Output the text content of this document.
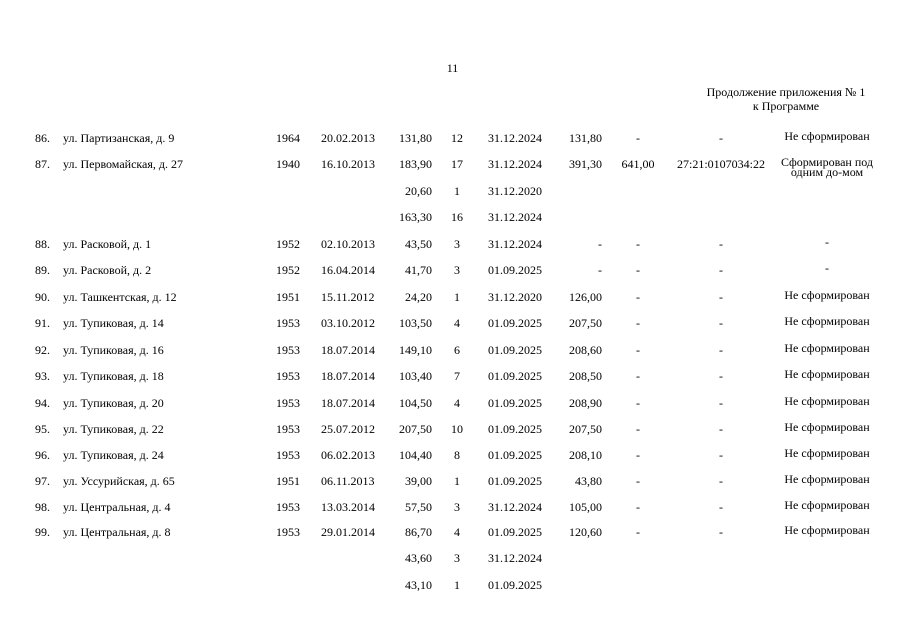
11
Продолжение приложения № 1
к Программе
86. ул. Партизанская, д. 9	1964 20.02.2013 131,80	12	31.12.2024	131,80	-	-	Не сформирован
87. ул. Первомайская, д. 27	1940 16.10.2013 183,90	17	31.12.2024	391,30 641,00	27:21:0107034:22	Сформирован под одним до-мом
20,60	1	31.12.2020
163,30	16	31.12.2024
88. ул. Расковой, д. 1	1952 02.10.2013	43,50	3	31.12.2024	-	-	-	-
89. ул. Расковой, д. 2	1952 16.04.2014	41,70	3	01.09.2025	-	-	-	-
90. ул. Ташкентская, д. 12	1951 15.11.2012	24,20	1	31.12.2020	126,00	-	-	Не сформирован
91. ул. Тупиковая, д. 14	1953 03.10.2012 103,50	4	01.09.2025	207,50	-	-	Не сформирован
92. ул. Тупиковая, д. 16	1953 18.07.2014 149,10	6	01.09.2025	208,60	-	-	Не сформирован
93. ул. Тупиковая, д. 18	1953 18.07.2014 103,40	7	01.09.2025	208,50	-	-	Не сформирован
94. ул. Тупиковая, д. 20	1953 18.07.2014 104,50	4	01.09.2025	208,90	-	-	Не сформирован
95. ул. Тупиковая, д. 22	1953 25.07.2012 207,50	10	01.09.2025	207,50	-	-	Не сформирован
96. ул. Тупиковая, д. 24	1953 06.02.2013 104,40	8	01.09.2025	208,10	-	-	Не сформирован
97. ул. Уссурийская, д. 65	1951 06.11.2013	39,00	1	01.09.2025	43,80	-	-	Не сформирован
98. ул. Центральная, д. 4	1953 13.03.2014	57,50	3	31.12.2024	105,00	-	-	Не сформирован
99. ул. Центральная, д. 8	1953 29.01.2014	86,70	4	01.09.2025	120,60	-	-	Не сформирован
43,60	3	31.12.2024
43,10	1	01.09.2025
